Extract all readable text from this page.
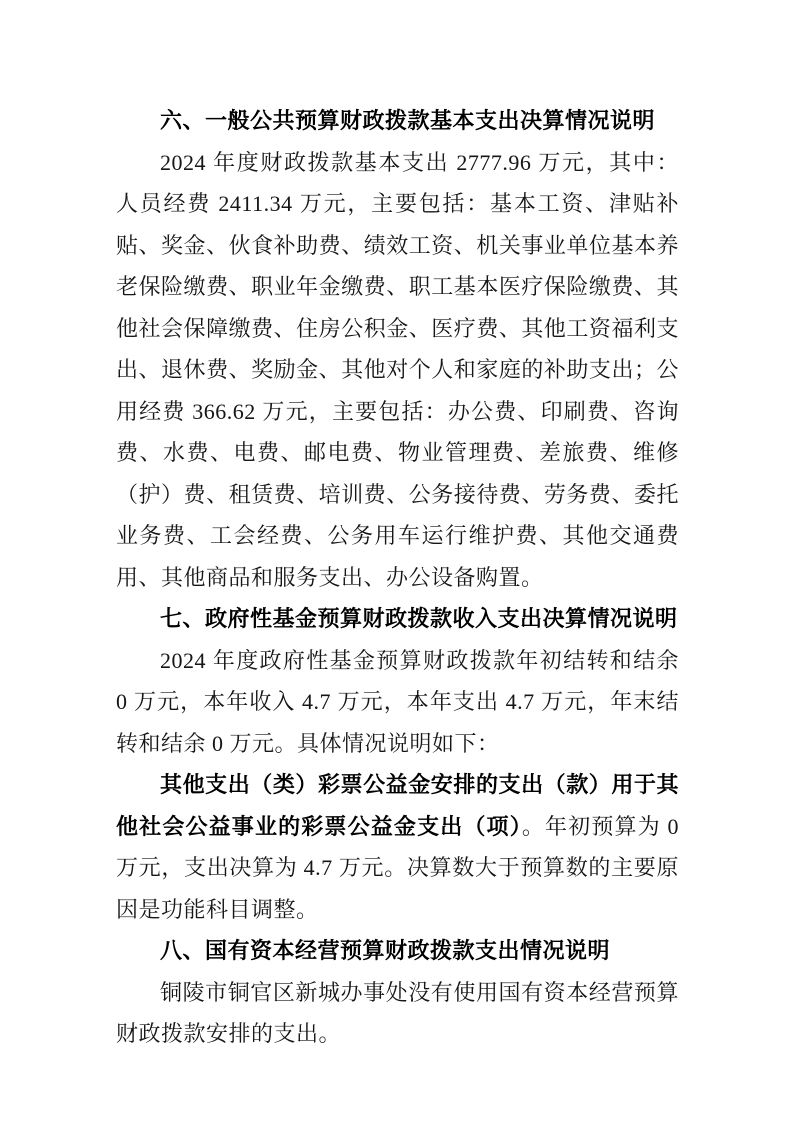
六、一般公共预算财政拨款基本支出决算情况说明

2024 年度财政拨款基本支出 2777.96 万元，其中：人员经费 2411.34 万元，主要包括：基本工资、津贴补贴、奖金、伙食补助费、绩效工资、机关事业单位基本养老保险缴费、职业年金缴费、职工基本医疗保险缴费、其他社会保障缴费、住房公积金、医疗费、其他工资福利支出、退休费、奖励金、其他对个人和家庭的补助支出；公用经费 366.62 万元，主要包括：办公费、印刷费、咨询费、水费、电费、邮电费、物业管理费、差旅费、维修（护）费、租赁费、培训费、公务接待费、劳务费、委托业务费、工会经费、公务用车运行维护费、其他交通费用、其他商品和服务支出、办公设备购置。

七、政府性基金预算财政拨款收入支出决算情况说明

2024 年度政府性基金预算财政拨款年初结转和结余 0 万元，本年收入 4.7 万元，本年支出 4.7 万元，年末结转和结余 0 万元。具体情况说明如下：

其他支出（类）彩票公益金安排的支出（款）用于其他社会公益事业的彩票公益金支出（项）。年初预算为 0 万元，支出决算为 4.7 万元。决算数大于预算数的主要原因是功能科目调整。

八、国有资本经营预算财政拨款支出情况说明

铜陵市铜官区新城办事处没有使用国有资本经营预算财政拨款安排的支出。
